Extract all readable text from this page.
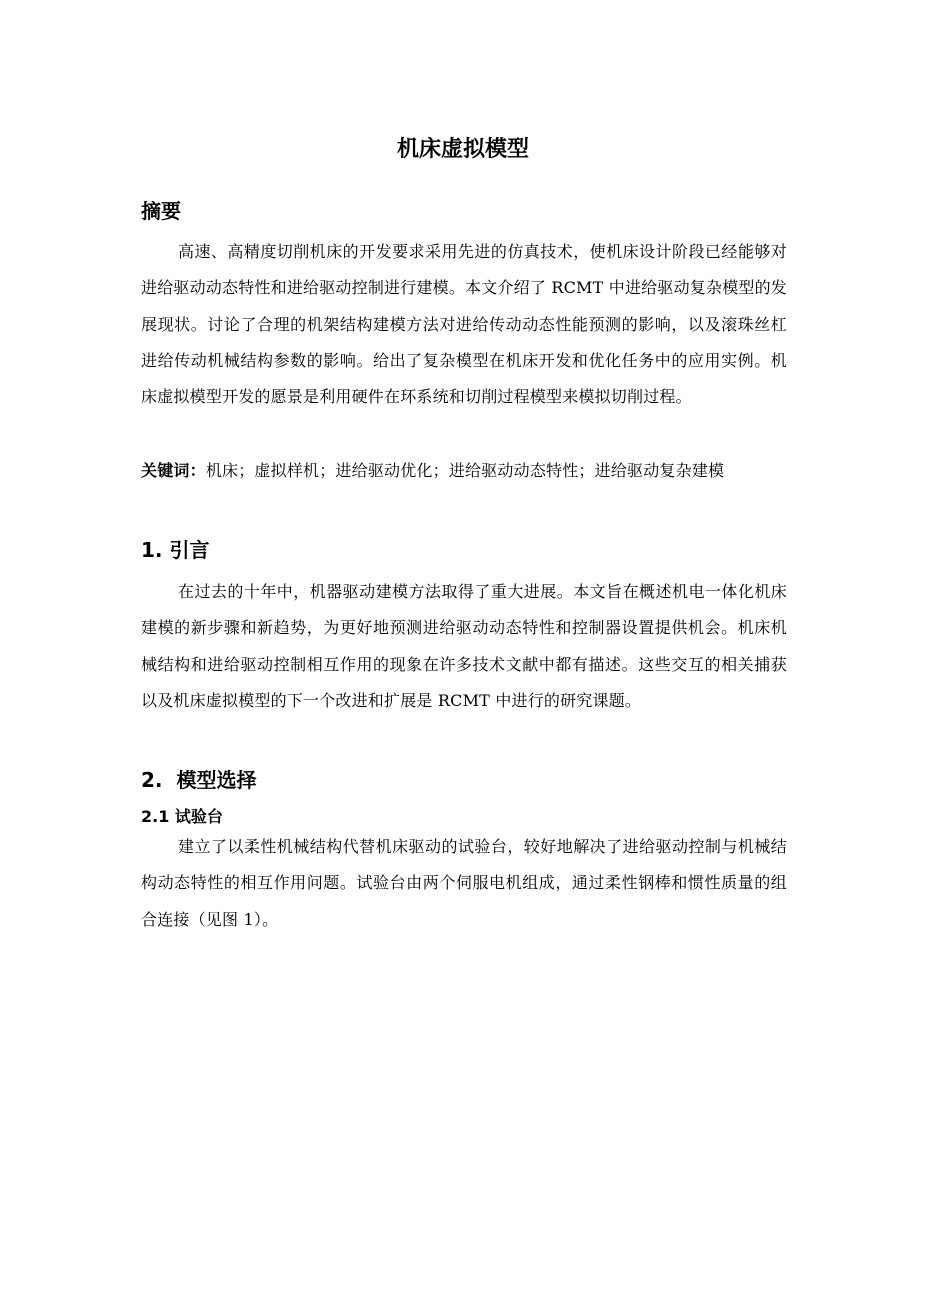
机床虚拟模型
摘要

高速、高精度切削机床的开发要求采用先进的仿真技术，使机床设计阶段已经能够对进给驱动动态特性和进给驱动控制进行建模。本文介绍了 RCMT 中进给驱动复杂模型的发展现状。讨论了合理的机架结构建模方法对进给传动动态性能预测的影响，以及滚珠丝杠进给传动机械结构参数的影响。给出了复杂模型在机床开发和优化任务中的应用实例。机床虚拟模型开发的愿景是利用硬件在环系统和切削过程模型来模拟切削过程。

关键词：机床；虚拟样机；进给驱动优化；进给驱动动态特性；进给驱动复杂建模

1. 引言

在过去的十年中，机器驱动建模方法取得了重大进展。本文旨在概述机电一体化机床建模的新步骤和新趋势，为更好地预测进给驱动动态特性和控制器设置提供机会。机床机械结构和进给驱动控制相互作用的现象在许多技术文献中都有描述。这些交互的相关捕获以及机床虚拟模型的下一个改进和扩展是 RCMT 中进行的研究课题。

2. 模型选择
2.1 试验台

建立了以柔性机械结构代替机床驱动的试验台，较好地解决了进给驱动控制与机械结构动态特性的相互作用问题。试验台由两个伺服电机组成，通过柔性钢棒和惯性质量的组合连接（见图 1）。
